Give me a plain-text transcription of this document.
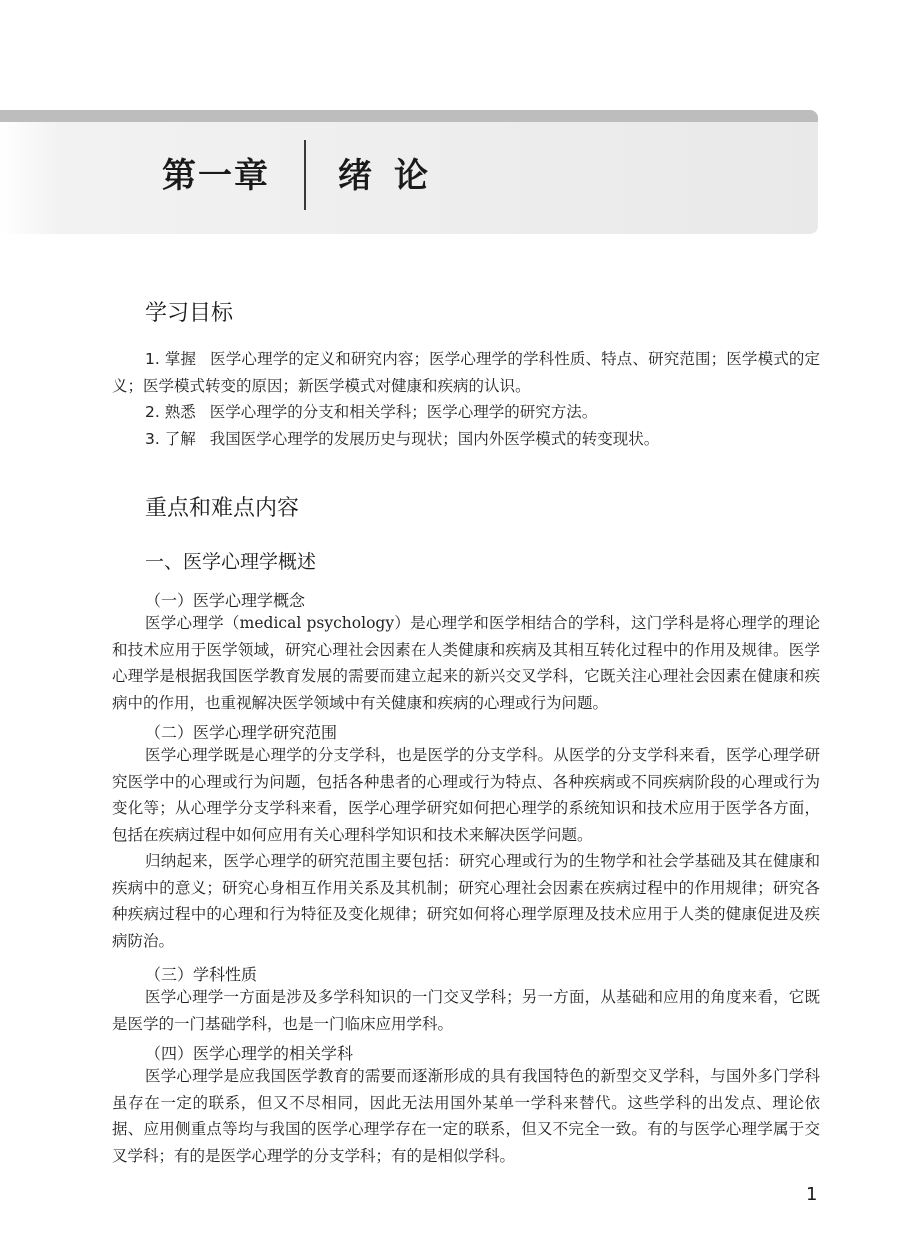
第一章 绪论
学习目标
1. 掌握 医学心理学的定义和研究内容；医学心理学的学科性质、特点、研究范围；医学模式的定义；医学模式转变的原因；新医学模式对健康和疾病的认识。
2. 熟悉 医学心理学的分支和相关学科；医学心理学的研究方法。
3. 了解 我国医学心理学的发展历史与现状；国内外医学模式的转变现状。
重点和难点内容
一、医学心理学概述
（一）医学心理学概念
医学心理学（medical psychology）是心理学和医学相结合的学科，这门学科是将心理学的理论和技术应用于医学领域，研究心理社会因素在人类健康和疾病及其相互转化过程中的作用及规律。医学心理学是根据我国医学教育发展的需要而建立起来的新兴交叉学科，它既关注心理社会因素在健康和疾病中的作用，也重视解决医学领域中有关健康和疾病的心理或行为问题。
（二）医学心理学研究范围
医学心理学既是心理学的分支学科，也是医学的分支学科。从医学的分支学科来看，医学心理学研究医学中的心理或行为问题，包括各种患者的心理或行为特点、各种疾病或不同疾病阶段的心理或行为变化等；从心理学分支学科来看，医学心理学研究如何把心理学的系统知识和技术应用于医学各方面，包括在疾病过程中如何应用有关心理科学知识和技术来解决医学问题。
归纳起来，医学心理学的研究范围主要包括：研究心理或行为的生物学和社会学基础及其在健康和疾病中的意义；研究心身相互作用关系及其机制；研究心理社会因素在疾病过程中的作用规律；研究各种疾病过程中的心理和行为特征及变化规律；研究如何将心理学原理及技术应用于人类的健康促进及疾病防治。
（三）学科性质
医学心理学一方面是涉及多学科知识的一门交叉学科；另一方面，从基础和应用的角度来看，它既是医学的一门基础学科，也是一门临床应用学科。
（四）医学心理学的相关学科
医学心理学是应我国医学教育的需要而逐渐形成的具有我国特色的新型交叉学科，与国外多门学科虽存在一定的联系，但又不尽相同，因此无法用国外某单一学科来替代。这些学科的出发点、理论依据、应用侧重点等均与我国的医学心理学存在一定的联系，但又不完全一致。有的与医学心理学属于交叉学科；有的是医学心理学的分支学科；有的是相似学科。
1
